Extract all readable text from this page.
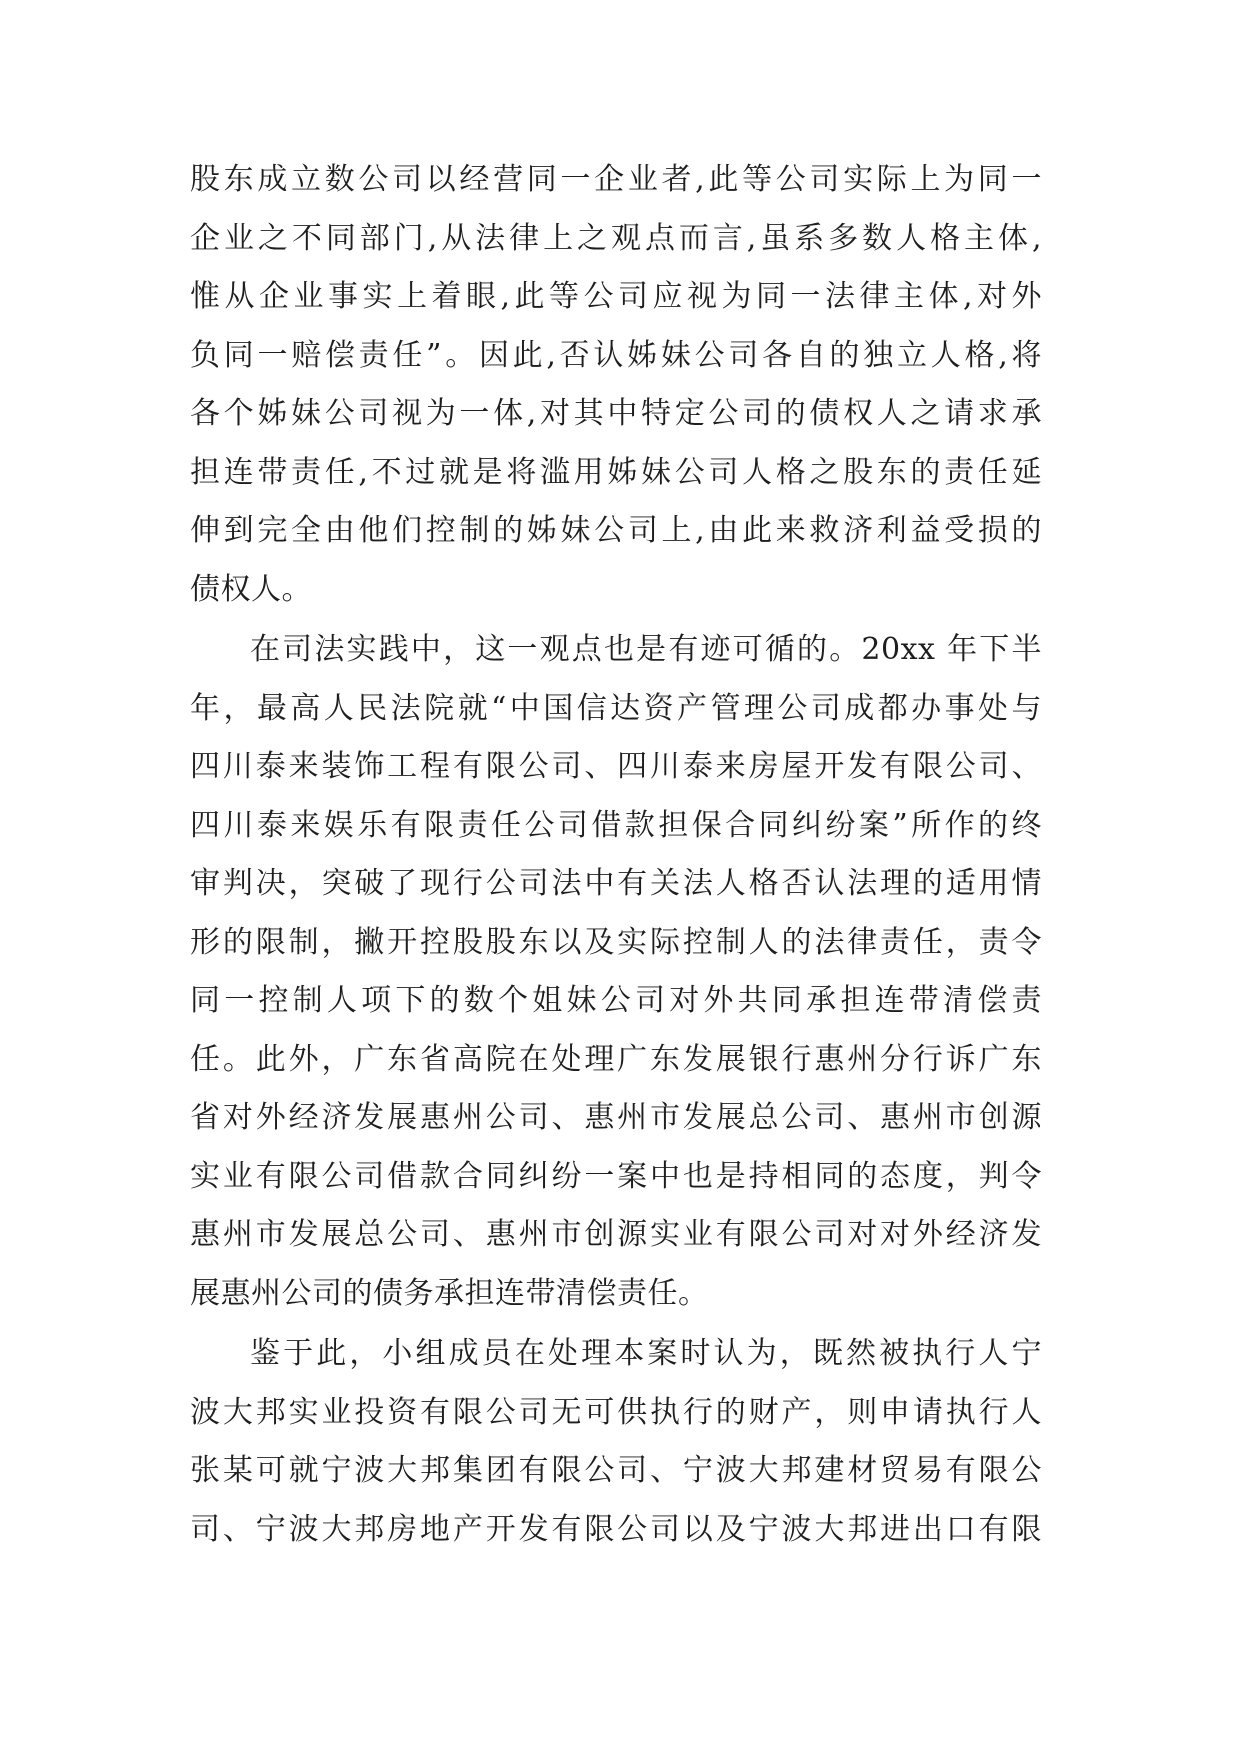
股东成立数公司以经营同一企业者,此等公司实际上为同一
企业之不同部门,从法律上之观点而言,虽系多数人格主体,
惟从企业事实上着眼,此等公司应视为同一法律主体,对外
负同一赔偿责任”。因此,否认姊妹公司各自的独立人格,将
各个姊妹公司视为一体,对其中特定公司的债权人之请求承
担连带责任,不过就是将滥用姊妹公司人格之股东的责任延
伸到完全由他们控制的姊妹公司上,由此来救济利益受损的
债权人。
在司法实践中，这一观点也是有迹可循的。20xx 年下半
年，最高人民法院就“中国信达资产管理公司成都办事处与
四川泰来装饰工程有限公司、四川泰来房屋开发有限公司、
四川泰来娱乐有限责任公司借款担保合同纠纷案”所作的终
审判决，突破了现行公司法中有关法人格否认法理的适用情
形的限制，撇开控股股东以及实际控制人的法律责任，责令
同一控制人项下的数个姐妹公司对外共同承担连带清偿责
任。此外，广东省高院在处理广东发展银行惠州分行诉广东
省对外经济发展惠州公司、惠州市发展总公司、惠州市创源
实业有限公司借款合同纠纷一案中也是持相同的态度，判令
惠州市发展总公司、惠州市创源实业有限公司对对外经济发
展惠州公司的债务承担连带清偿责任。
鉴于此，小组成员在处理本案时认为，既然被执行人宁
波大邦实业投资有限公司无可供执行的财产，则申请执行人
张某可就宁波大邦集团有限公司、宁波大邦建材贸易有限公
司、宁波大邦房地产开发有限公司以及宁波大邦进出口有限
